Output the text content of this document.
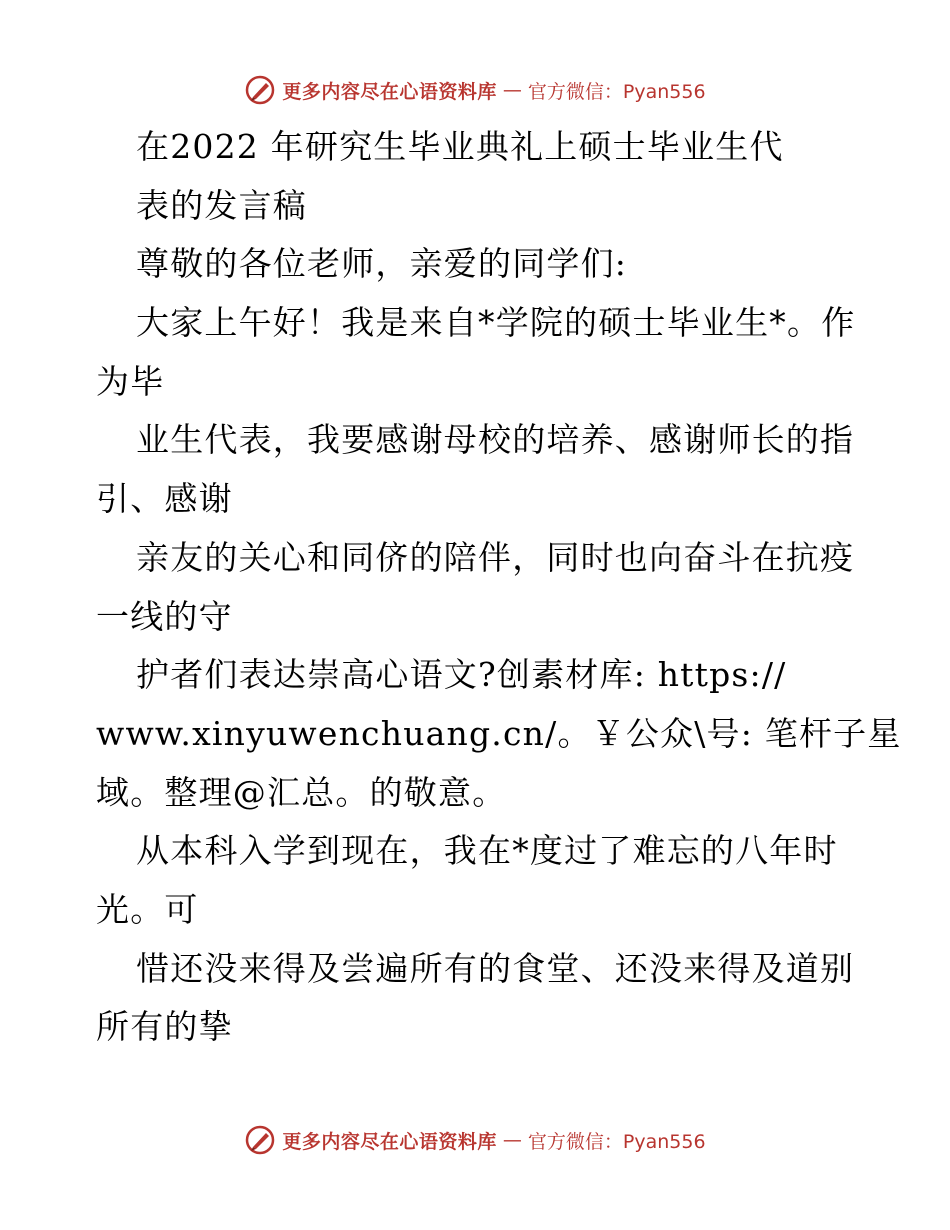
更多内容尽在心语资料库 — 官方微信：Pyan556
在2022 年研究生毕业典礼上硕士毕业生代
表的发言稿
尊敬的各位老师，亲爱的同学们:
大家上午好！我是来自*学院的硕士毕业生*。作
为毕
业生代表，我要感谢母校的培养、感谢师长的指
引、感谢
亲友的关心和同侪的陪伴，同时也向奋斗在抗疫
一线的守
护者们表达崇高心语文?创素材库: https://
www.xinyuwenchuang.cn/。￥公众\号: 笔杆子星
域。整理@汇总。的敬意。
从本科入学到现在，我在*度过了难忘的八年时
光。可
惜还没来得及尝遍所有的食堂、还没来得及道别
所有的挚
更多内容尽在心语资料库 — 官方微信：Pyan556
